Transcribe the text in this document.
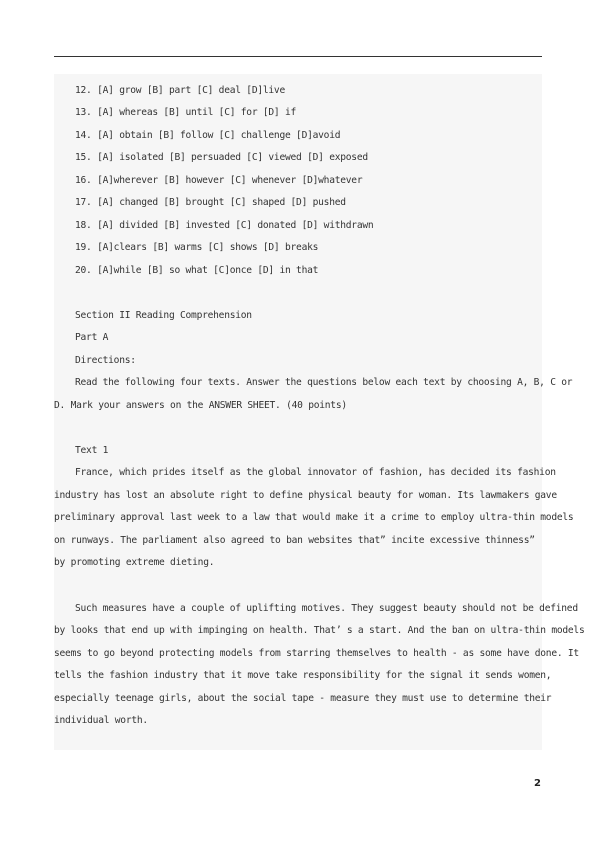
12. [A] grow [B] part [C] deal [D]live
13. [A] whereas [B] until [C] for [D] if
14. [A] obtain [B] follow [C] challenge [D]avoid
15. [A] isolated [B] persuaded [C] viewed [D] exposed
16. [A]wherever [B] however [C] whenever [D]whatever
17. [A] changed [B] brought [C] shaped [D] pushed
18. [A] divided [B] invested [C] donated [D] withdrawn
19. [A]clears [B] warms [C] shows [D] breaks
20. [A]while [B] so what [C]once [D] in that
Section II Reading Comprehension
Part A
Directions:
Read the following four texts. Answer the questions below each text by choosing A, B, C or
D. Mark your answers on the ANSWER SHEET. (40 points)
Text 1
France, which prides itself as the global innovator of fashion, has decided its fashion
industry has lost an absolute right to define physical beauty for woman. Its lawmakers gave
preliminary approval last week to a law that would make it a crime to employ ultra-thin models
on runways. The parliament also agreed to ban websites that” incite excessive thinness”
by promoting extreme dieting.
Such measures have a couple of uplifting motives. They suggest beauty should not be defined
by looks that end up with impinging on health. That’ s a start. And the ban on ultra-thin models
seems to go beyond protecting models from starring themselves to health - as some have done. It
tells the fashion industry that it move take responsibility for the signal it sends women,
especially teenage girls, about the social tape - measure they must use to determine their
individual worth.
2
